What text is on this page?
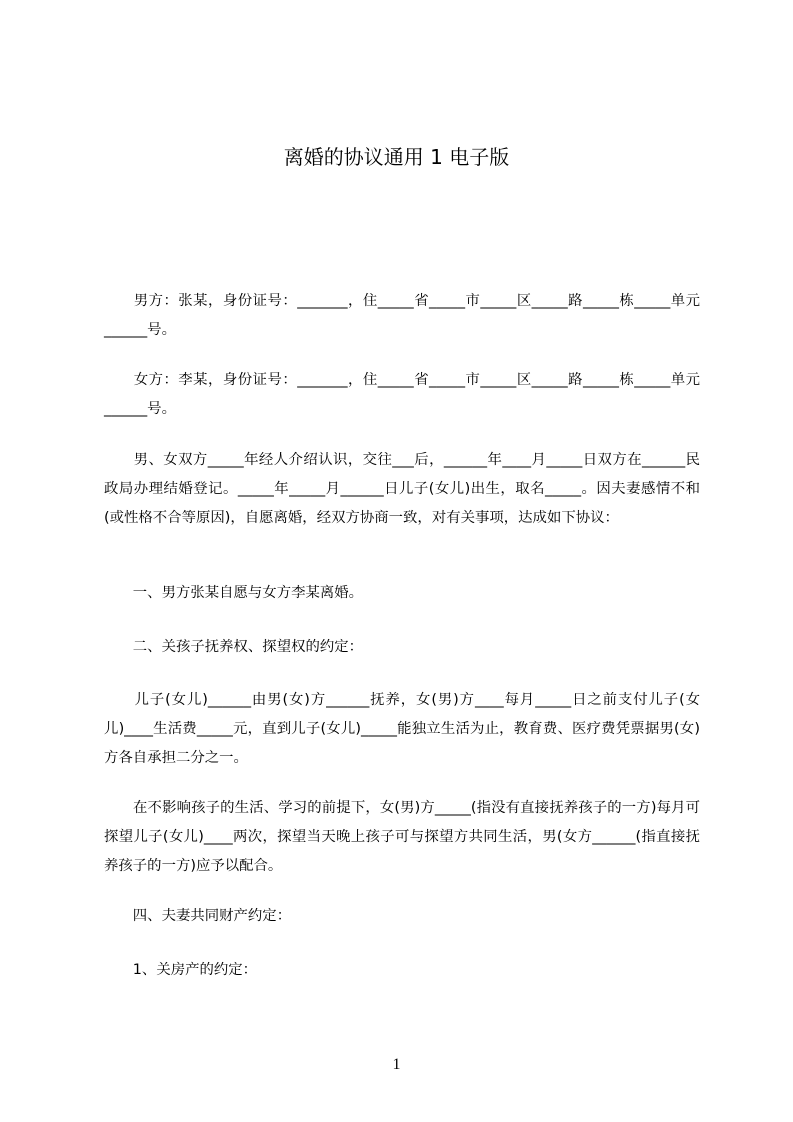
离婚的协议通用 1 电子版

　　男方：张某，身份证号：_______，住_____省_____市_____区_____路_____栋_____单元______号。

　　女方：李某，身份证号：_______，住_____省_____市_____区_____路_____栋_____单元______号。

　　男、女双方_____年经人介绍认识，交往___后，______年____月_____日双方在______民政局办理结婚登记。_____年_____月______日儿子(女儿)出生，取名_____。因夫妻感情不和(或性格不合等原因)，自愿离婚，经双方协商一致，对有关事项，达成如下协议：

　　一、男方张某自愿与女方李某离婚。

　　二、关孩子抚养权、探望权的约定：

　　儿子(女儿)______由男(女)方______抚养，女(男)方____每月_____日之前支付儿子(女儿)____生活费_____元，直到儿子(女儿)_____能独立生活为止，教育费、医疗费凭票据男(女)方各自承担二分之一。

　　在不影响孩子的生活、学习的前提下，女(男)方_____(指没有直接抚养孩子的一方)每月可探望儿子(女儿)____两次，探望当天晚上孩子可与探望方共同生活，男(女方______(指直接抚养孩子的一方)应予以配合。

　　四、夫妻共同财产约定：

　　1、关房产的约定：

1
